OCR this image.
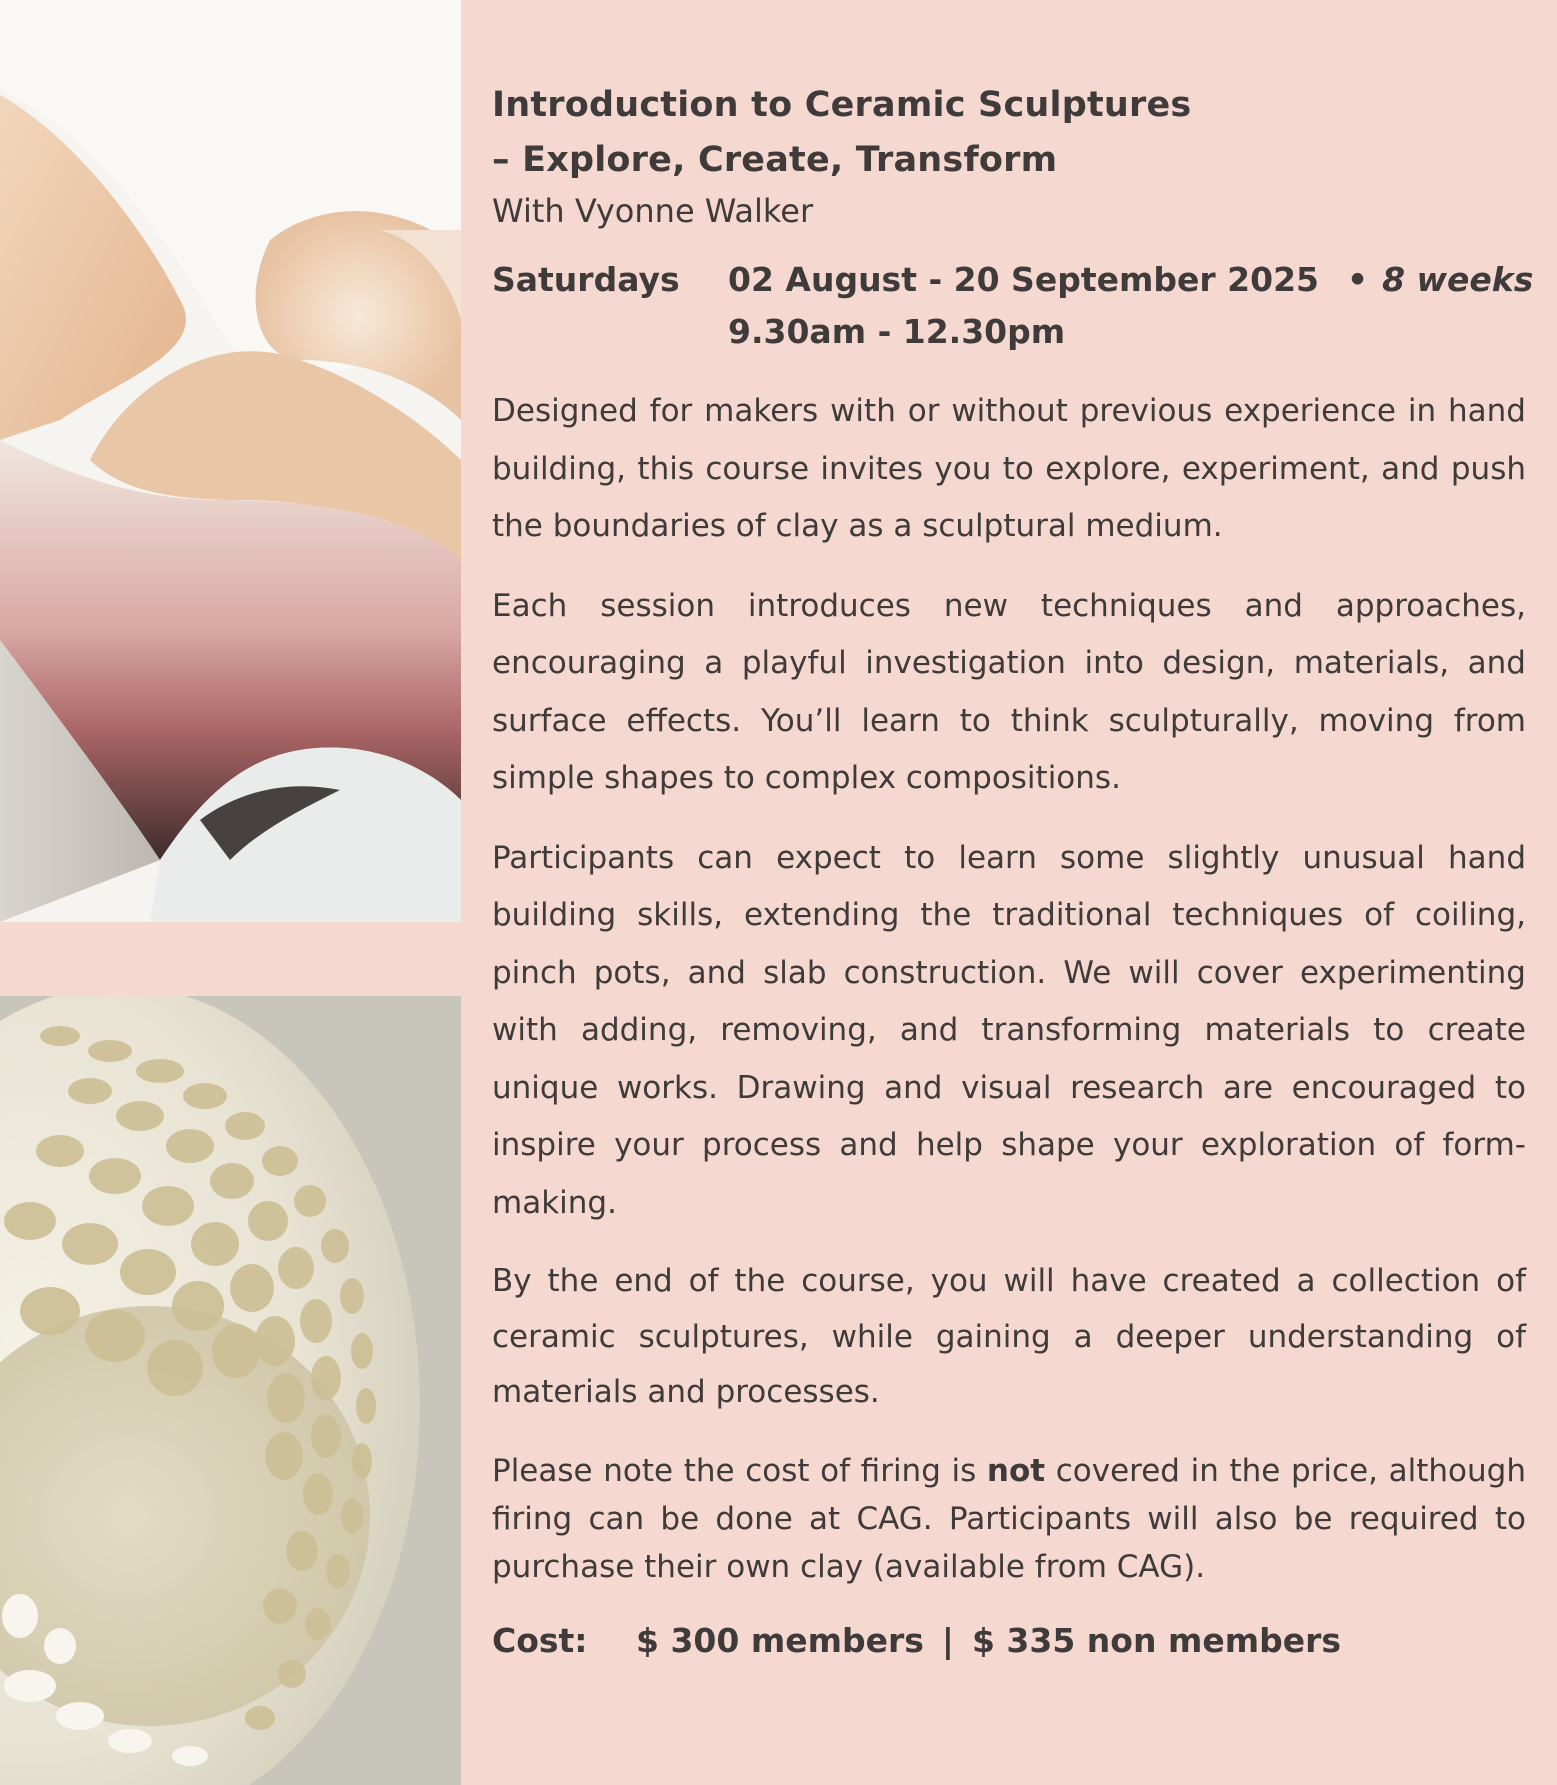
Introduction to Ceramic Sculptures
– Explore, Create, Transform

With Vyonne Walker

Saturdays	02 August - 20 September 2025 • 8 weeks
9.30am - 12.30pm

Designed for makers with or without previous experience in hand building, this course invites you to explore, experiment, and push the boundaries of clay as a sculptural medium.

Each session introduces new techniques and approaches, encouraging a playful investigation into design, materials, and surface effects. You’ll learn to think sculpturally, moving from simple shapes to complex compositions.

Participants can expect to learn some slightly unusual hand building skills, extending the traditional techniques of coiling, pinch pots, and slab construction. We will cover experimenting with adding, removing, and transforming materials to create unique works. Drawing and visual research are encouraged to inspire your process and help shape your exploration of form-making.

By the end of the course, you will have created a collection of ceramic sculptures, while gaining a deeper understanding of materials and processes.

Please note the cost of firing is not covered in the price, although firing can be done at CAG. Participants will also be required to purchase their own clay (available from CAG).

Cost:	$ 300 members | $ 335 non members
